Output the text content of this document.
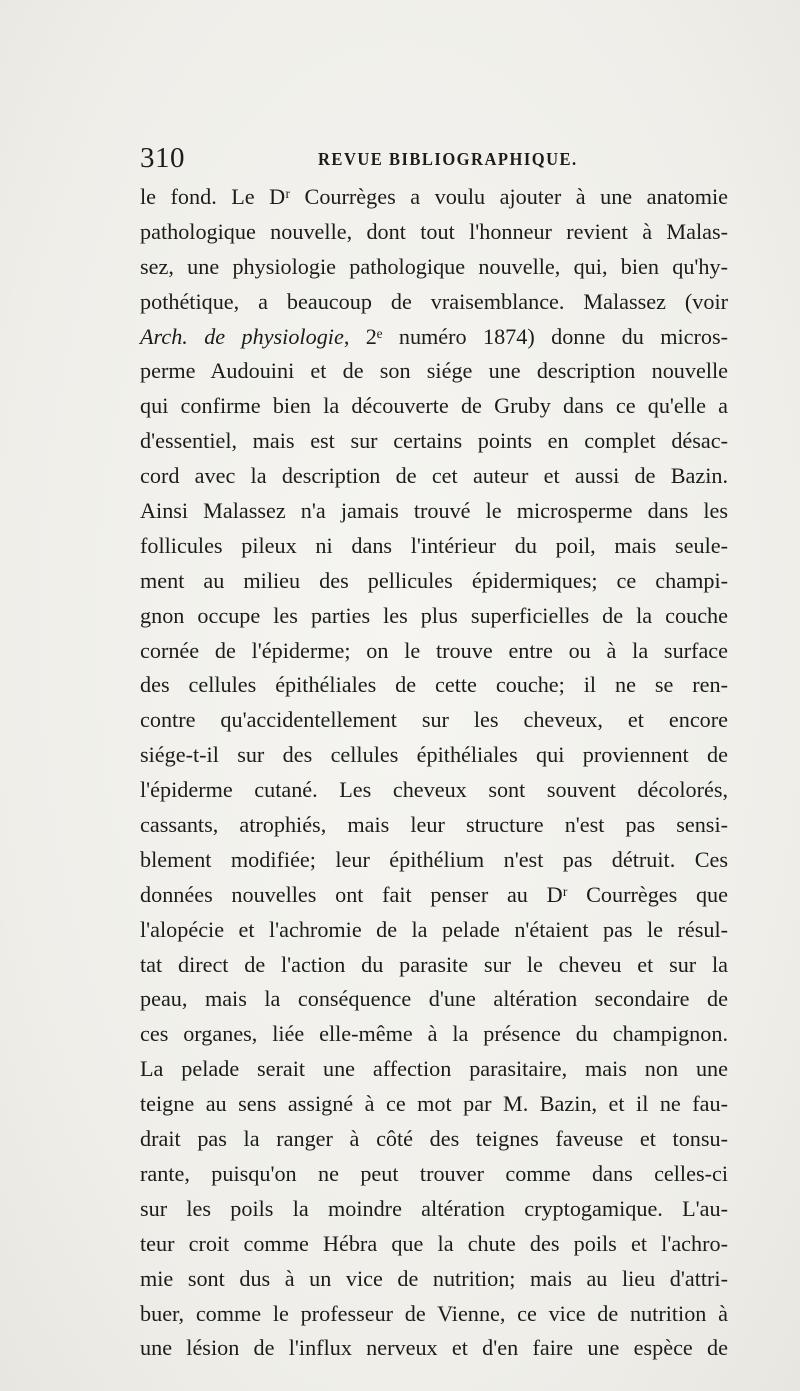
310	REVUE BIBLIOGRAPHIQUE.
le fond. Le Dʳ Courrèges a voulu ajouter à une anatomie
pathologique nouvelle, dont tout l'honneur revient à Malas-
sez, une physiologie pathologique nouvelle, qui, bien qu'hy-
pothétique, a beaucoup de vraisemblance. Malassez (voir
Arch. de physiologie, 2ᵉ numéro 1874) donne du micros-
perme Audouini et de son siége une description nouvelle
qui confirme bien la découverte de Gruby dans ce qu'elle a
d'essentiel, mais est sur certains points en complet désac-
cord avec la description de cet auteur et aussi de Bazin.
Ainsi Malassez n'a jamais trouvé le microsperme dans les
follicules pileux ni dans l'intérieur du poil, mais seule-
ment au milieu des pellicules épidermiques; ce champi-
gnon occupe les parties les plus superficielles de la couche
cornée de l'épiderme; on le trouve entre ou à la surface
des cellules épithéliales de cette couche; il ne se ren-
contre qu'accidentellement sur les cheveux, et encore
siége-t-il sur des cellules épithéliales qui proviennent de
l'épiderme cutané. Les cheveux sont souvent décolorés,
cassants, atrophiés, mais leur structure n'est pas sensi-
blement modifiée; leur épithélium n'est pas détruit. Ces
données nouvelles ont fait penser au Dʳ Courrèges que
l'alopécie et l'achromie de la pelade n'étaient pas le résul-
tat direct de l'action du parasite sur le cheveu et sur la
peau, mais la conséquence d'une altération secondaire de
ces organes, liée elle-même à la présence du champignon.
La pelade serait une affection parasitaire, mais non une
teigne au sens assigné à ce mot par M. Bazin, et il ne fau-
drait pas la ranger à côté des teignes faveuse et tonsu-
rante, puisqu'on ne peut trouver comme dans celles-ci
sur les poils la moindre altération cryptogamique. L'au-
teur croit comme Hébra que la chute des poils et l'achro-
mie sont dus à un vice de nutrition; mais au lieu d'attri-
buer, comme le professeur de Vienne, ce vice de nutrition à
une lésion de l'influx nerveux et d'en faire une espèce de
